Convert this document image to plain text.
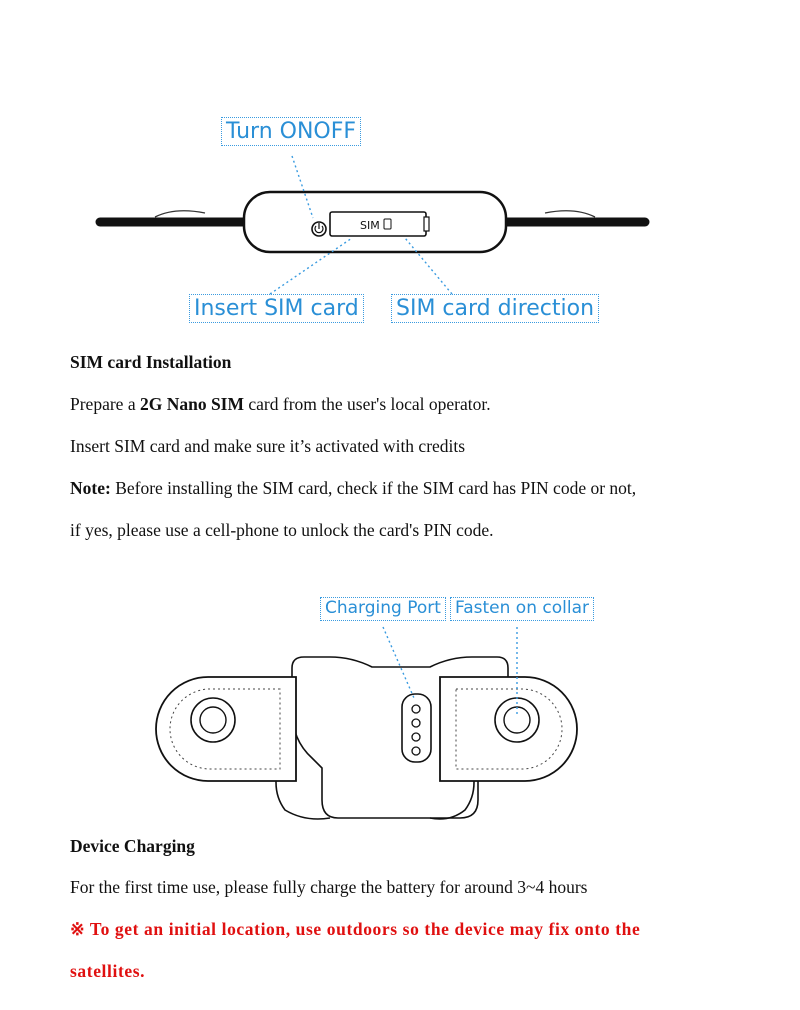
SIM
Turn ONOFF
Insert SIM card SIM card direction
SIM card Installation
Prepare a 2G Nano SIM card from the user's local operator.
Insert SIM card and make sure it’s activated with credits
Note: Before installing the SIM card, check if the SIM card has PIN code or not,
if yes, please use a cell-phone to unlock the card's PIN code.
Charging Port Fasten on collar
Device Charging
For the first time use, please fully charge the battery for around 3~4 hours
※ To get an initial location, use outdoors so the device may fix onto the
satellites.
